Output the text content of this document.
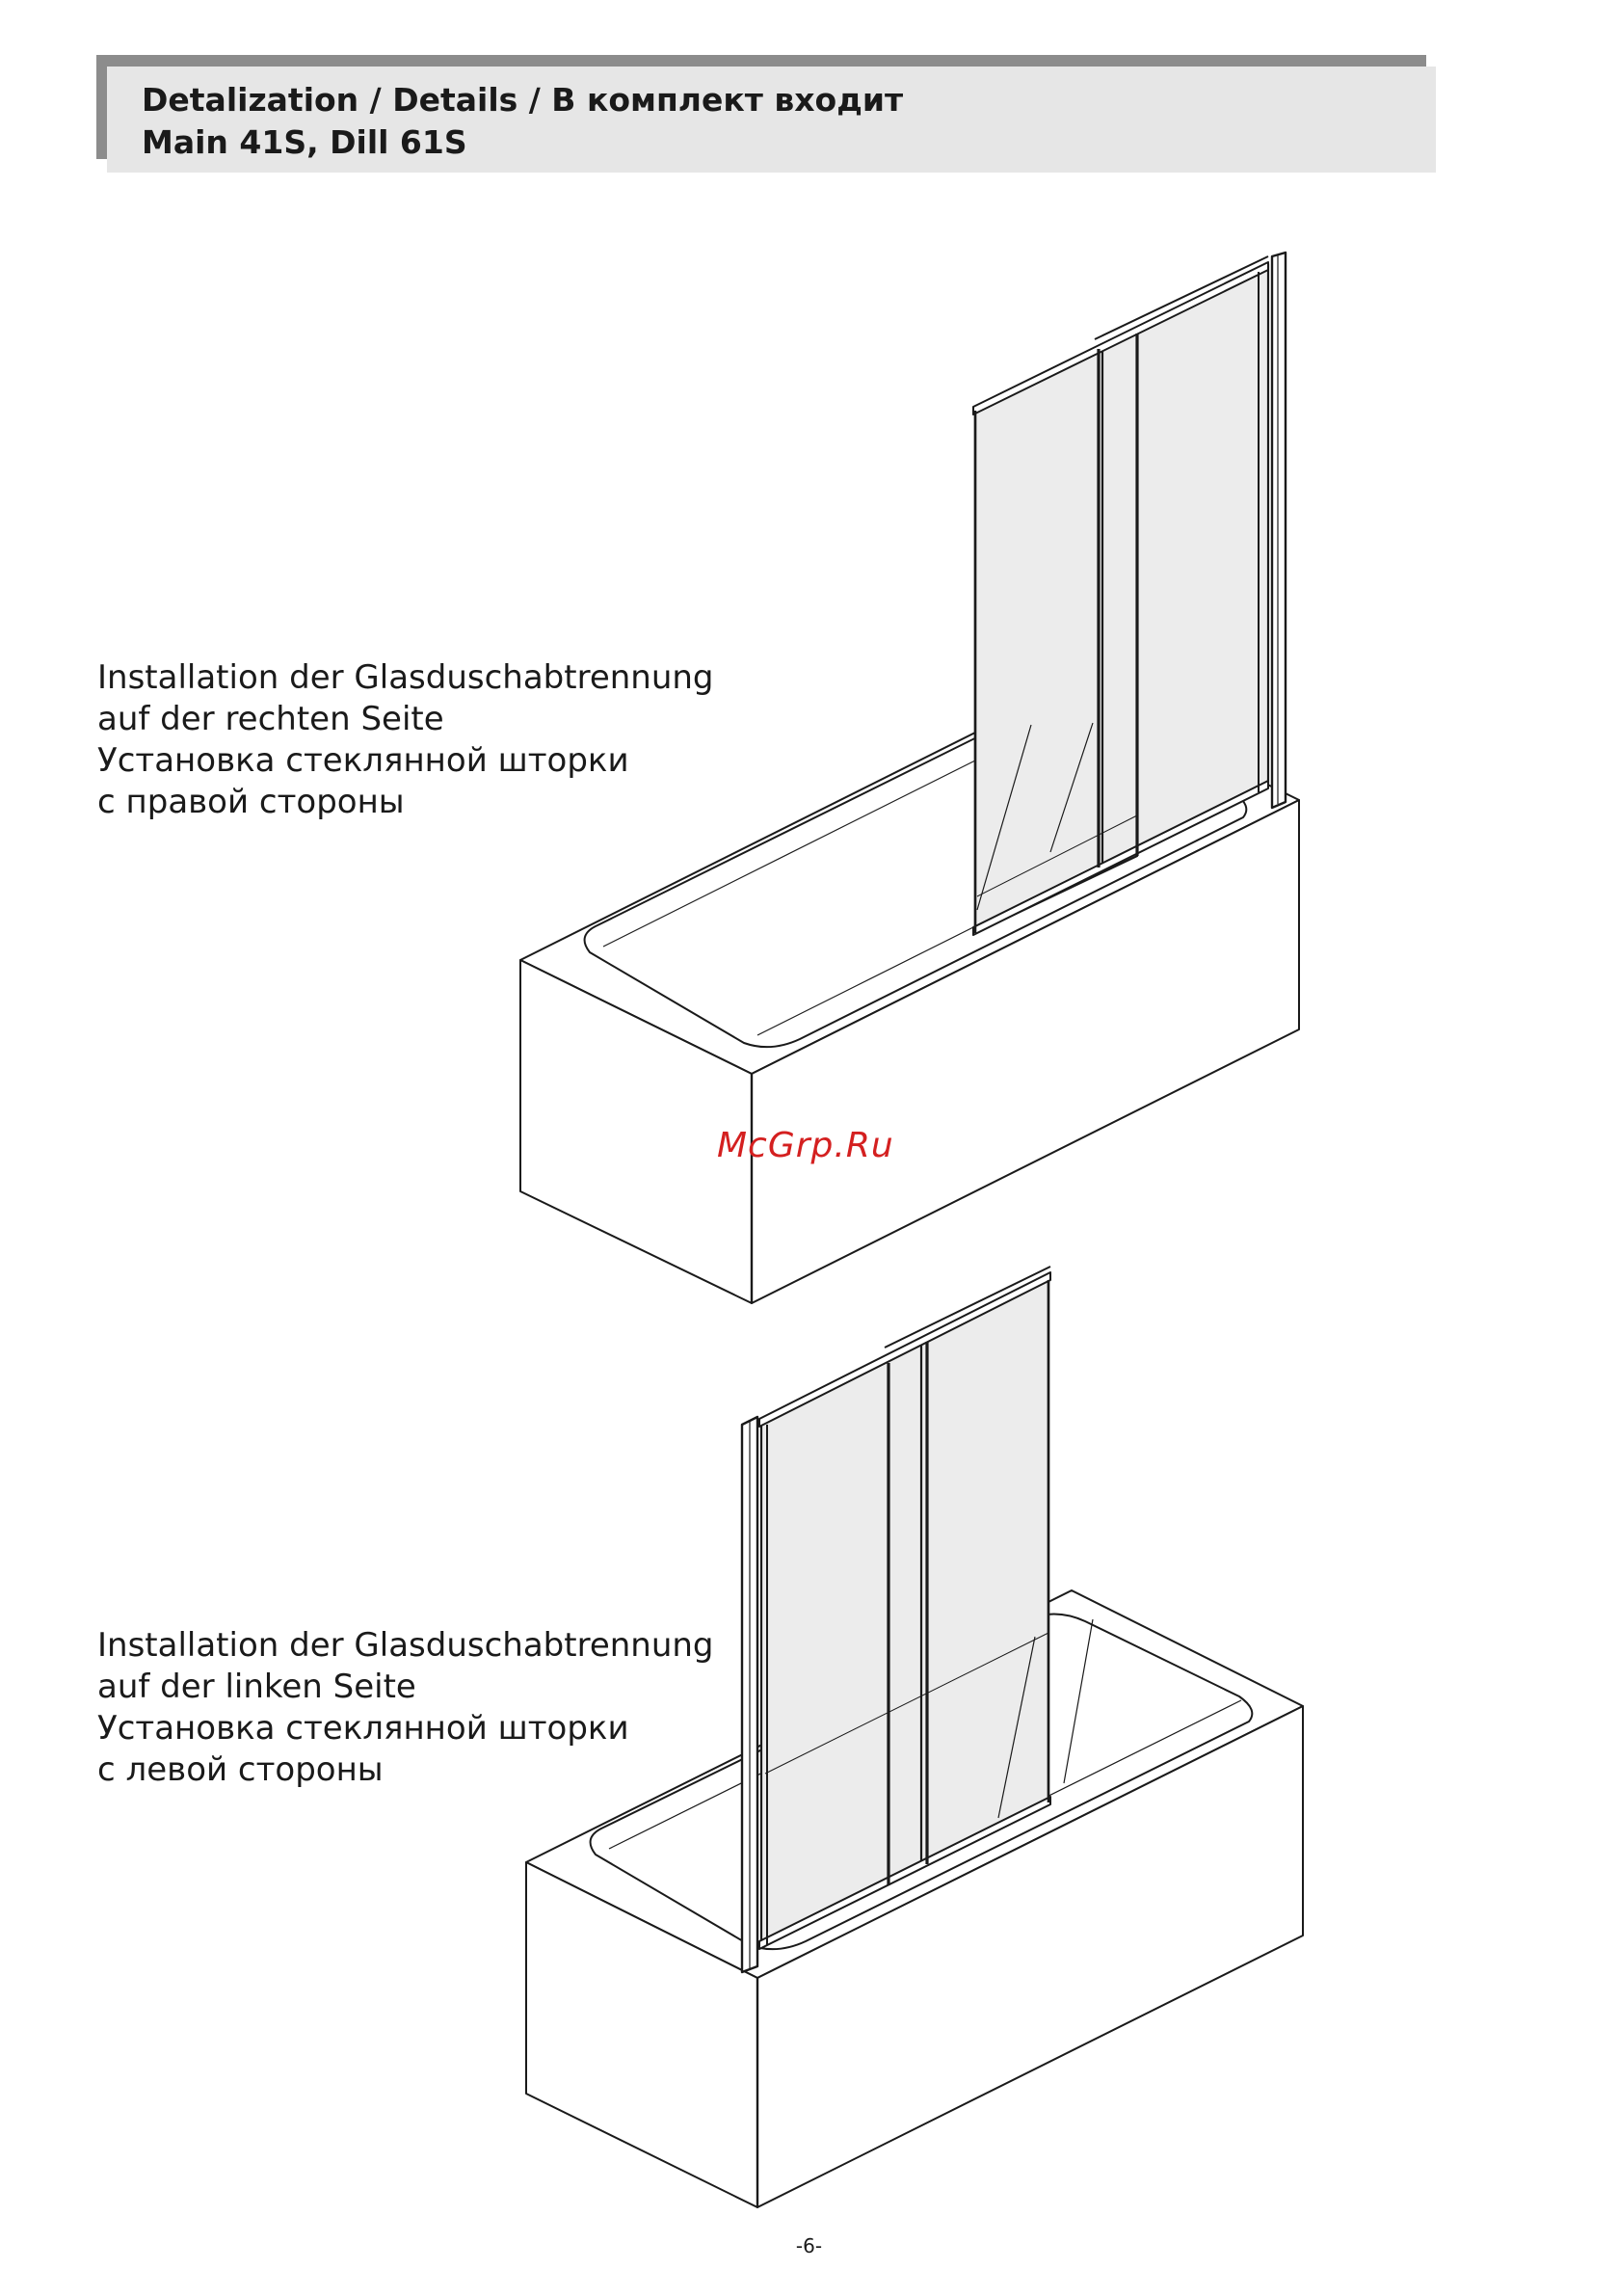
Detalization / Details / В комплект входит
Main 41S, Dill 61S
Installation der Glasduschabtrennung
auf der rechten Seite
Установка стеклянной шторки
с правой стороны
Installation der Glasduschabtrennung
auf der linken Seite
Установка стеклянной шторки
с левой стороны
McGrp.Ru
-6-
